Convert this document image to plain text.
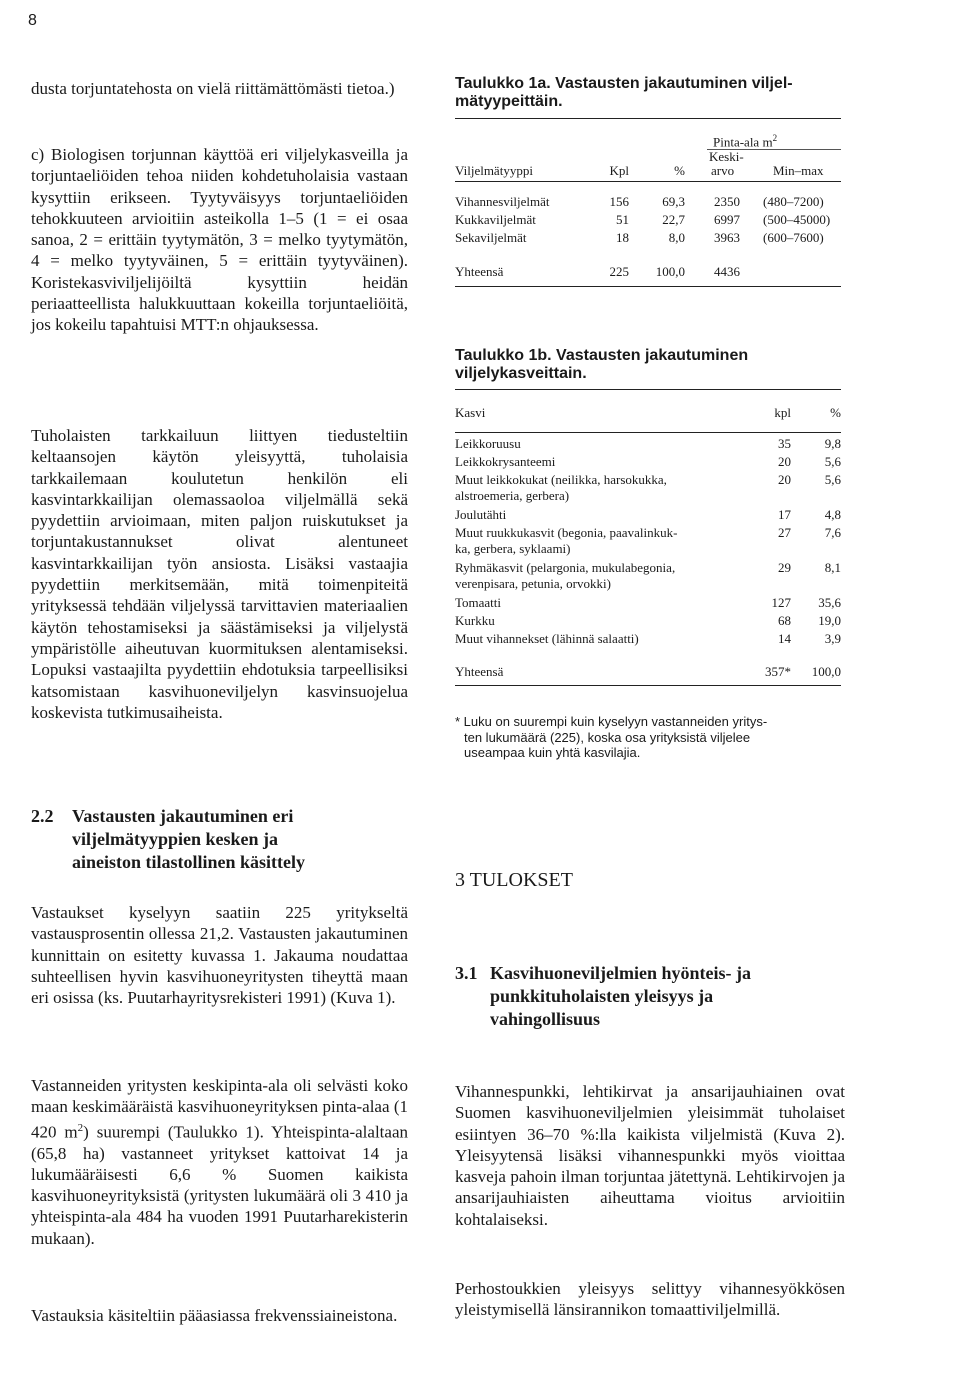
8

dusta torjuntatehosta on vielä riittämättömästi tietoa.)

c) Biologisen torjunnan käyttöä eri viljelykasveilla ja torjuntaeliöiden tehoa niiden kohdetuholaisia vastaan kysyttiin erikseen. Tyytyväisyys torjuntaeliöiden tehokkuuteen arvioitiin asteikolla 1–5 (1 = ei osaa sanoa, 2 = erittäin tyytymätön, 3 = melko tyytymätön, 4 = melko tyytyväinen, 5 = erittäin tyytyväinen). Koristekasviviljelijöiltä kysyttiin heidän periaatteellista halukkuuttaan kokeilla torjuntaeliöitä, jos kokeilu tapahtuisi MTT:n ohjauksessa.

Tuholaisten tarkkailuun liittyen tiedusteltiin keltaansojen käytön yleisyyttä, tuholaisia tarkkailemaan koulutetun henkilön eli kasvintarkkailijan olemassaoloa viljelmällä sekä pyydettiin arvioimaan, miten paljon ruiskutukset ja torjuntakustannukset olivat alentuneet kasvintarkkailijan työn ansiosta. Lisäksi vastaajia pyydettiin merkitsemään, mitä toimenpiteitä yrityksessä tehdään viljelyssä tarvittavien materiaalien käytön tehostamiseksi ja säästämiseksi ja viljelystä ympäristölle aiheutuvan kuormituksen alentamiseksi. Lopuksi vastaajilta pyydettiin ehdotuksia tarpeellisiksi katsomistaan kasvihuoneviljelyn kasvinsuojelua koskevista tutkimusaiheista.

2.2 Vastausten jakautuminen eri
viljelmätyyppien kesken ja
aineiston tilastollinen käsittely

Vastaukset kyselyyn saatiin 225 yritykseltä vastausprosentin ollessa 21,2. Vastausten jakautuminen kunnittain on esitetty kuvassa 1. Jakauma noudattaa suhteellisen hyvin kasvihuoneyritysten tiheyttä maan eri osissa (ks. Puutarhayritysrekisteri 1991) (Kuva 1).

Vastanneiden yritysten keskipinta-ala oli selvästi koko maan keskimääräistä kasvihuoneyrityksen pinta-alaa (1 420 $m^2$) suurempi (Taulukko 1). Yhteispinta-alaltaan (65,8 ha) vastanneet yritykset kattoivat 14 ja lukumääräisesti 6,6 % Suomen kaikista kasvihuoneyrityksistä (yritysten lukumäärä oli 3 410 ja yhteispinta-ala 484 ha vuoden 1991 Puutarharekisterin mukaan).

Vastauksia käsiteltiin pääasiassa frekvenssiaineistona.

Taulukko 1a. Vastausten jakautuminen viljel-
mätyypeittäin.
Pinta-ala $m^2$
Keski-
Viljelmätyyppi	Kpl	% arvo	Min–max
Vihannesviljelmät	156	69,3 2350 (480–7200)
Kukkaviljelmät	51	22,7 6997 (500–45000)
Sekaviljelmät	18	8,0 3963 (600–7600)
Yhteensä	225	100,0 4436
Taulukko 1b. Vastausten jakautuminen
viljelykasveittain.
Kasvi	kpl	%
Leikkoruusu	35	9,8
Leikkokrysanteemi	20	5,6
Muut leikkokukat (neilikka, harsokukka,
alstroemeria, gerbera)
20	5,6
Joulutähti	17	4,8
Muut ruukkukasvit (begonia, paavalinkuk-
ka, gerbera, syklaami)
27	7,6
Ryhmäkasvit (pelargonia, mukulabegonia,
verenpisara, petunia, orvokki)
29	8,1
Tomaatti	127	35,6
Kurkku	68	19,0
Muut vihannekset (lähinnä salaatti)	14	3,9
Yhteensä	357*	100,0
* Luku on suurempi kuin kyselyyn vastanneiden yritys-
ten lukumäärä (225), koska osa yrityksistä viljelee
useampaa kuin yhtä kasvilajia.
3 TULOKSET
3.1 Kasvihuoneviljelmien hyönteis- ja
punkkituholaisten yleisyys ja
vahingollisuus

Vihannespunkki, lehtikirvat ja ansarijauhiainen ovat Suomen kasvihuoneviljelmien yleisimmät tuholaiset esiintyen 36–70 %:lla kaikista viljelmistä (Kuva 2). Yleisyytensä lisäksi vihannespunkki myös vioittaa kasveja pahoin ilman torjuntaa jätettynä. Lehtikirvojen ja ansarijauhiaisten aiheuttama vioitus arvioitiin kohtalaiseksi.

Perhostoukkien yleisyys selittyy vihannesyökkösen yleistymisellä länsirannikon tomaattiviljelmillä.
